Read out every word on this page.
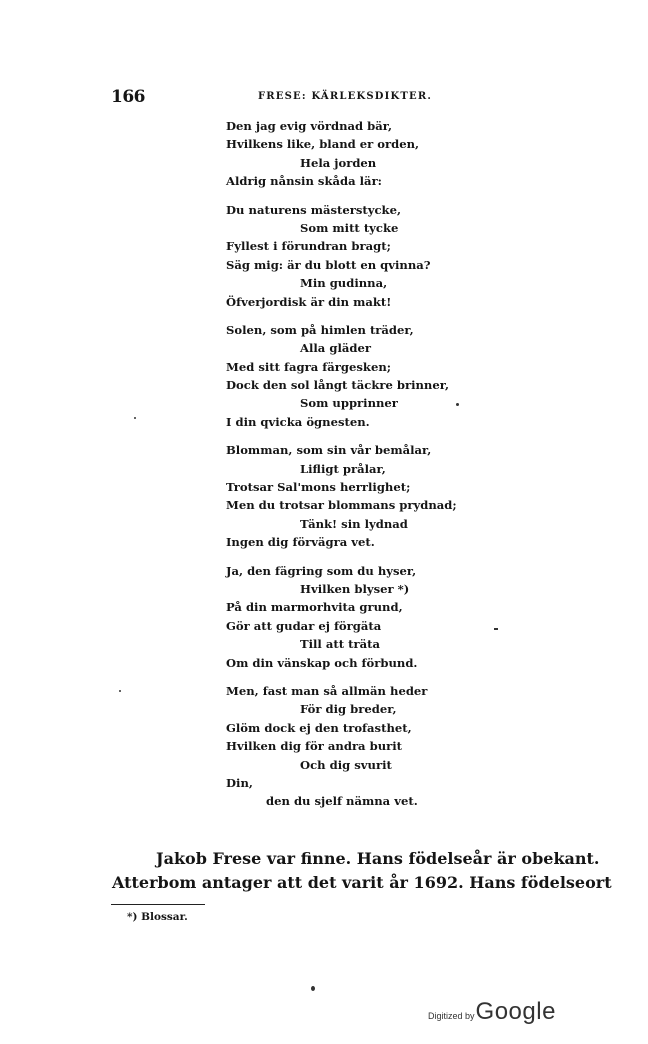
166	FRESE: KÄRLEKSDIKTER.
Den jag evig vördnad bär,
Hvilkens like, bland er orden,
Hela jorden
Aldrig nånsin skåda lär:
Du naturens mästerstycke,
Som mitt tycke
Fyllest i förundran bragt;
Säg mig: är du blott en qvinna?
Min gudinna,
Öfverjordisk är din makt!
Solen, som på himlen träder,
Alla gläder
Med sitt fagra färgesken;
Dock den sol långt täckre brinner,
Som upprinner
I din qvicka ögnesten.
Blomman, som sin vår bemålar,
Lifligt prålar,
Trotsar Sal'mons herrlighet;
Men du trotsar blommans prydnad;
Tänk! sin lydnad
Ingen dig förvägra vet.
Ja, den fägring som du hyser,
Hvilken blyser *)
På din marmorhvita grund,
Gör att gudar ej förgäta
Till att träta
Om din vänskap och förbund.
Men, fast man så allmän heder
För dig breder,
Glöm dock ej den trofasthet,
Hvilken dig för andra burit
Och dig svurit
Din,
den du sjelf nämna vet.
Jakob Frese var finne. Hans födelseår är obekant.
Atterbom antager att det varit år 1692. Hans födelseort
*) Blossar.
Digitized byGoogle
